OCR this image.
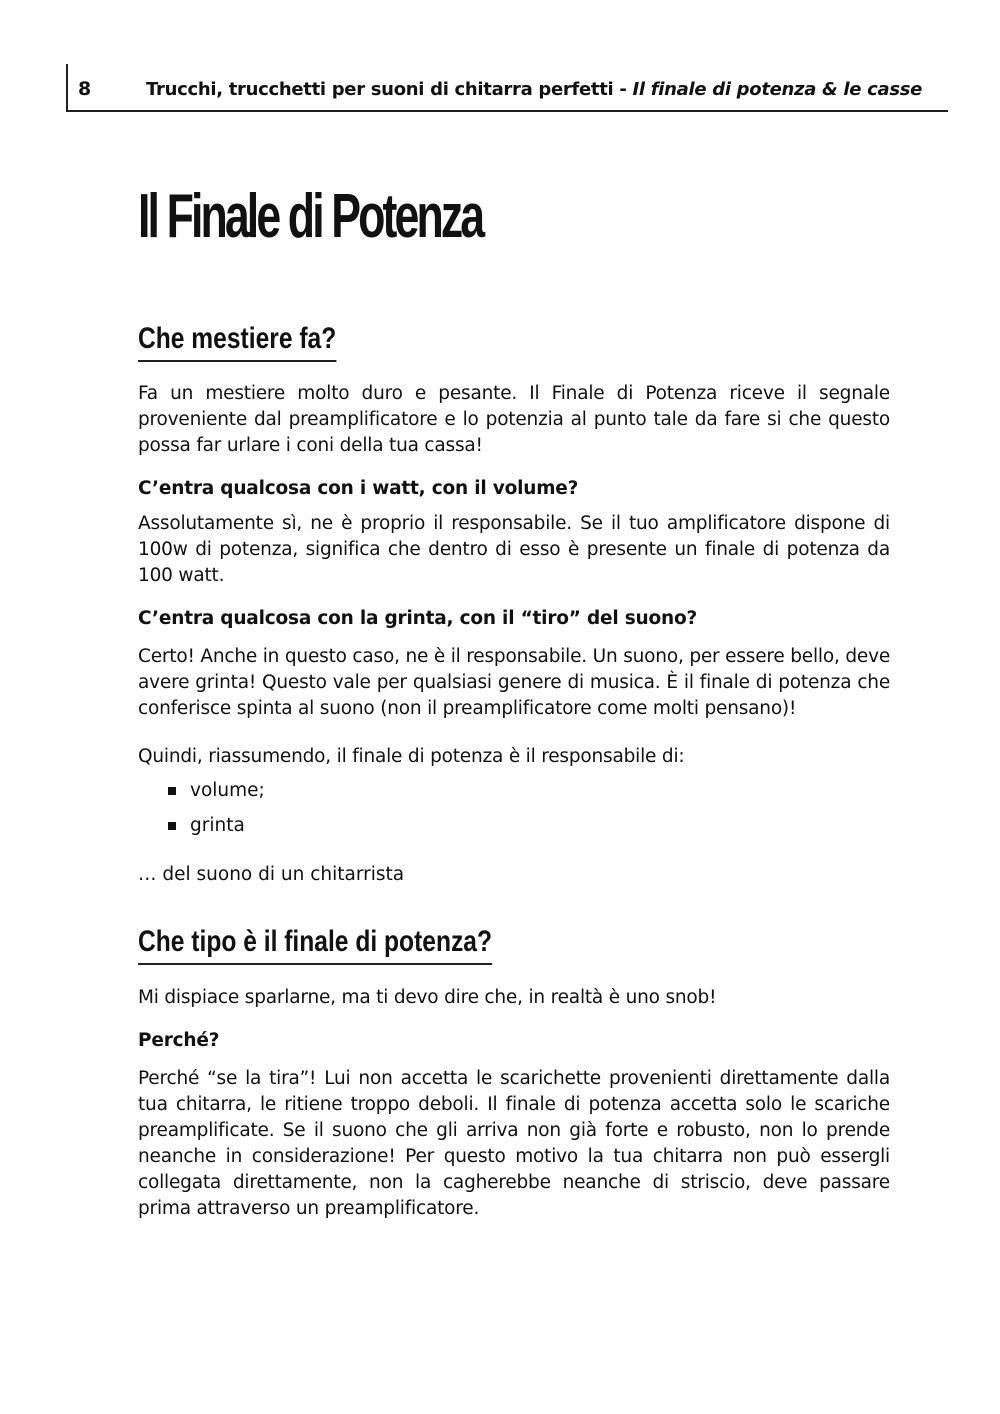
8	Trucchi, trucchetti per suoni di chitarra perfetti - Il finale di potenza & le casse
Il Finale di Potenza
Che mestiere fa?
Fa un mestiere molto duro e pesante. Il Finale di Potenza riceve il segnale proveniente dal preamplificatore e lo potenzia al punto tale da fare si che questo possa far urlare i coni della tua cassa!
C’entra qualcosa con i watt, con il volume?
Assolutamente sì, ne è proprio il responsabile. Se il tuo amplificatore dispone di 100w di potenza, significa che dentro di esso è presente un finale di potenza da 100 watt.
C’entra qualcosa con la grinta, con il “tiro” del suono?
Certo! Anche in questo caso, ne è il responsabile. Un suono, per essere bello, deve avere grinta! Questo vale per qualsiasi genere di musica. È il finale di potenza che conferisce spinta al suono (non il preamplificatore come molti pensano)!
Quindi, riassumendo, il finale di potenza è il responsabile di:
volume;
grinta
… del suono di un chitarrista
Che tipo è il finale di potenza?
Mi dispiace sparlarne, ma ti devo dire che, in realtà è uno snob!
Perché?
Perché “se la tira”! Lui non accetta le scarichette provenienti direttamente dalla tua chitarra, le ritiene troppo deboli. Il finale di potenza accetta solo le scariche preamplificate. Se il suono che gli arriva non già forte e robusto, non lo prende neanche in considerazione! Per questo motivo la tua chitarra non può essergli collegata direttamente, non la cagherebbe neanche di striscio, deve passare prima attraverso un preamplificatore.
